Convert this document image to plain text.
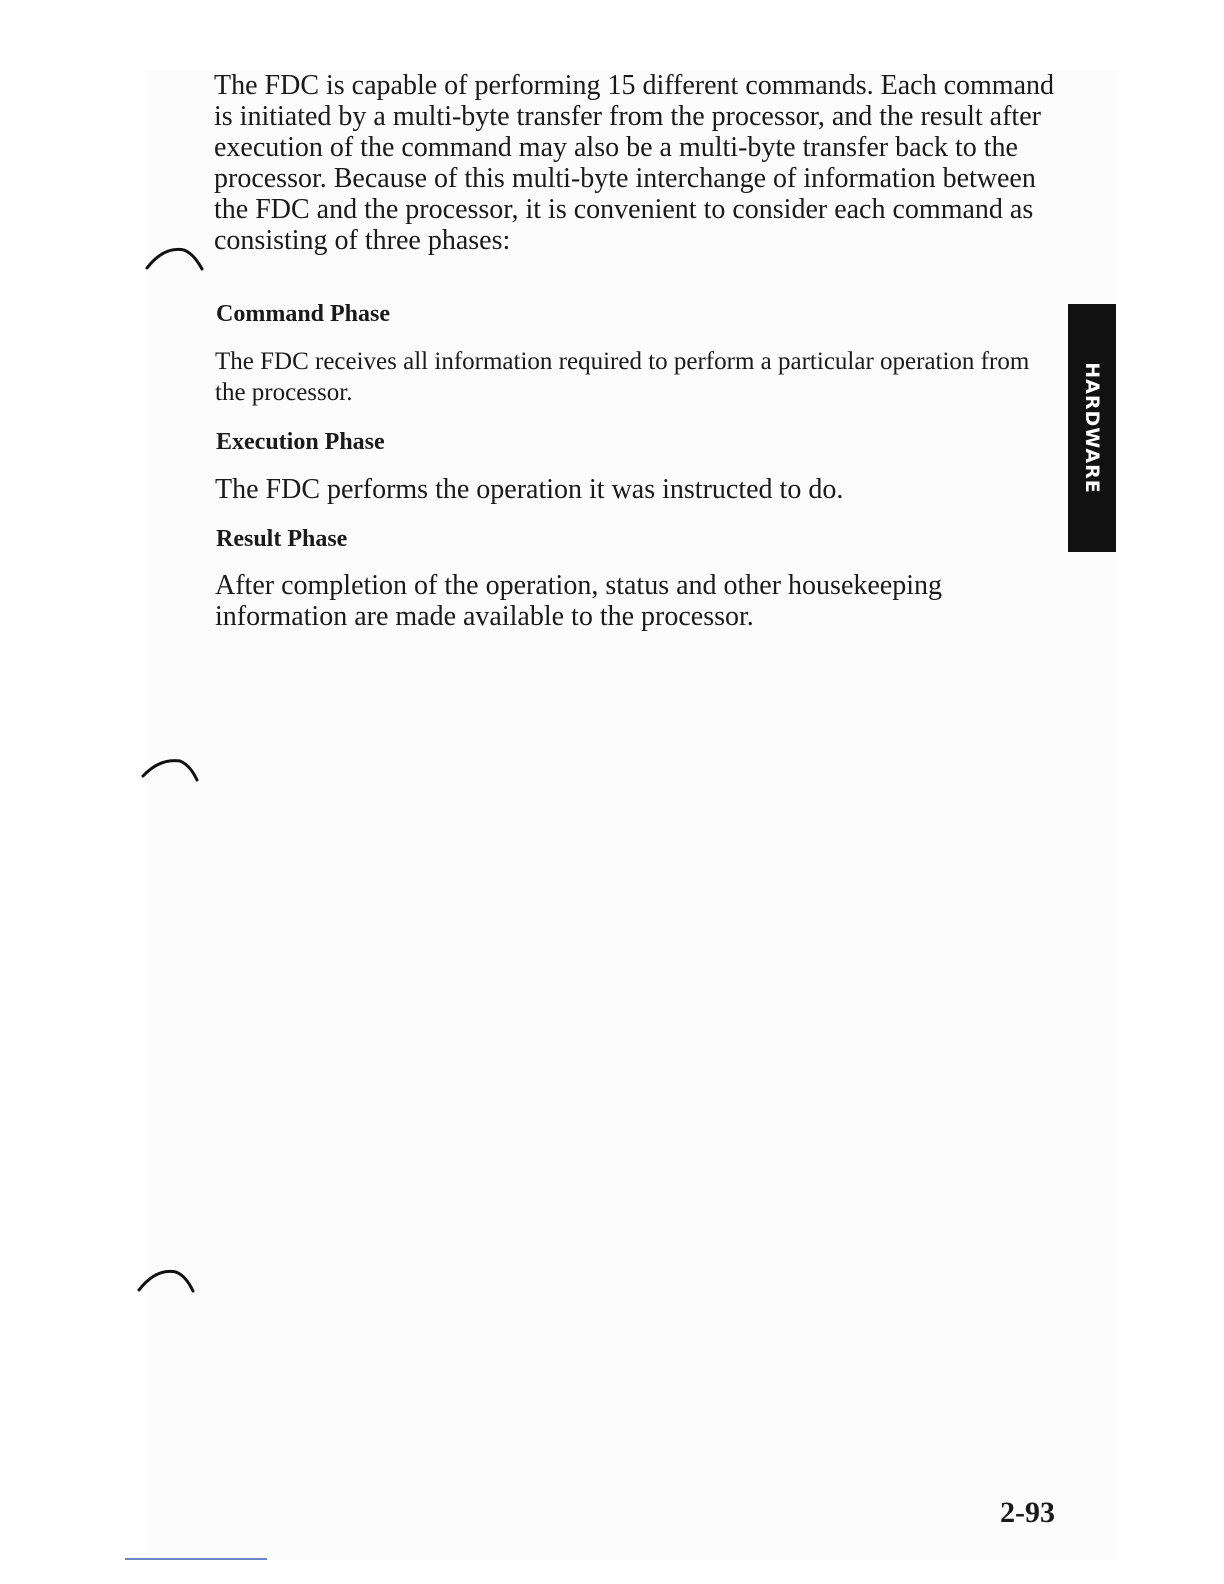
The FDC is capable of performing 15 different commands. Each command is initiated by a multi-byte transfer from the processor, and the result after execution of the command may also be a multi-byte transfer back to the processor. Because of this multi-byte interchange of information between the FDC and the processor, it is convenient to consider each command as consisting of three phases:

Command Phase

The FDC receives all information required to perform a particular operation from the processor.

Execution Phase

The FDC performs the operation it was instructed to do.

Result Phase

After completion of the operation, status and other housekeeping information are made available to the processor.

HARDWARE

2-93
